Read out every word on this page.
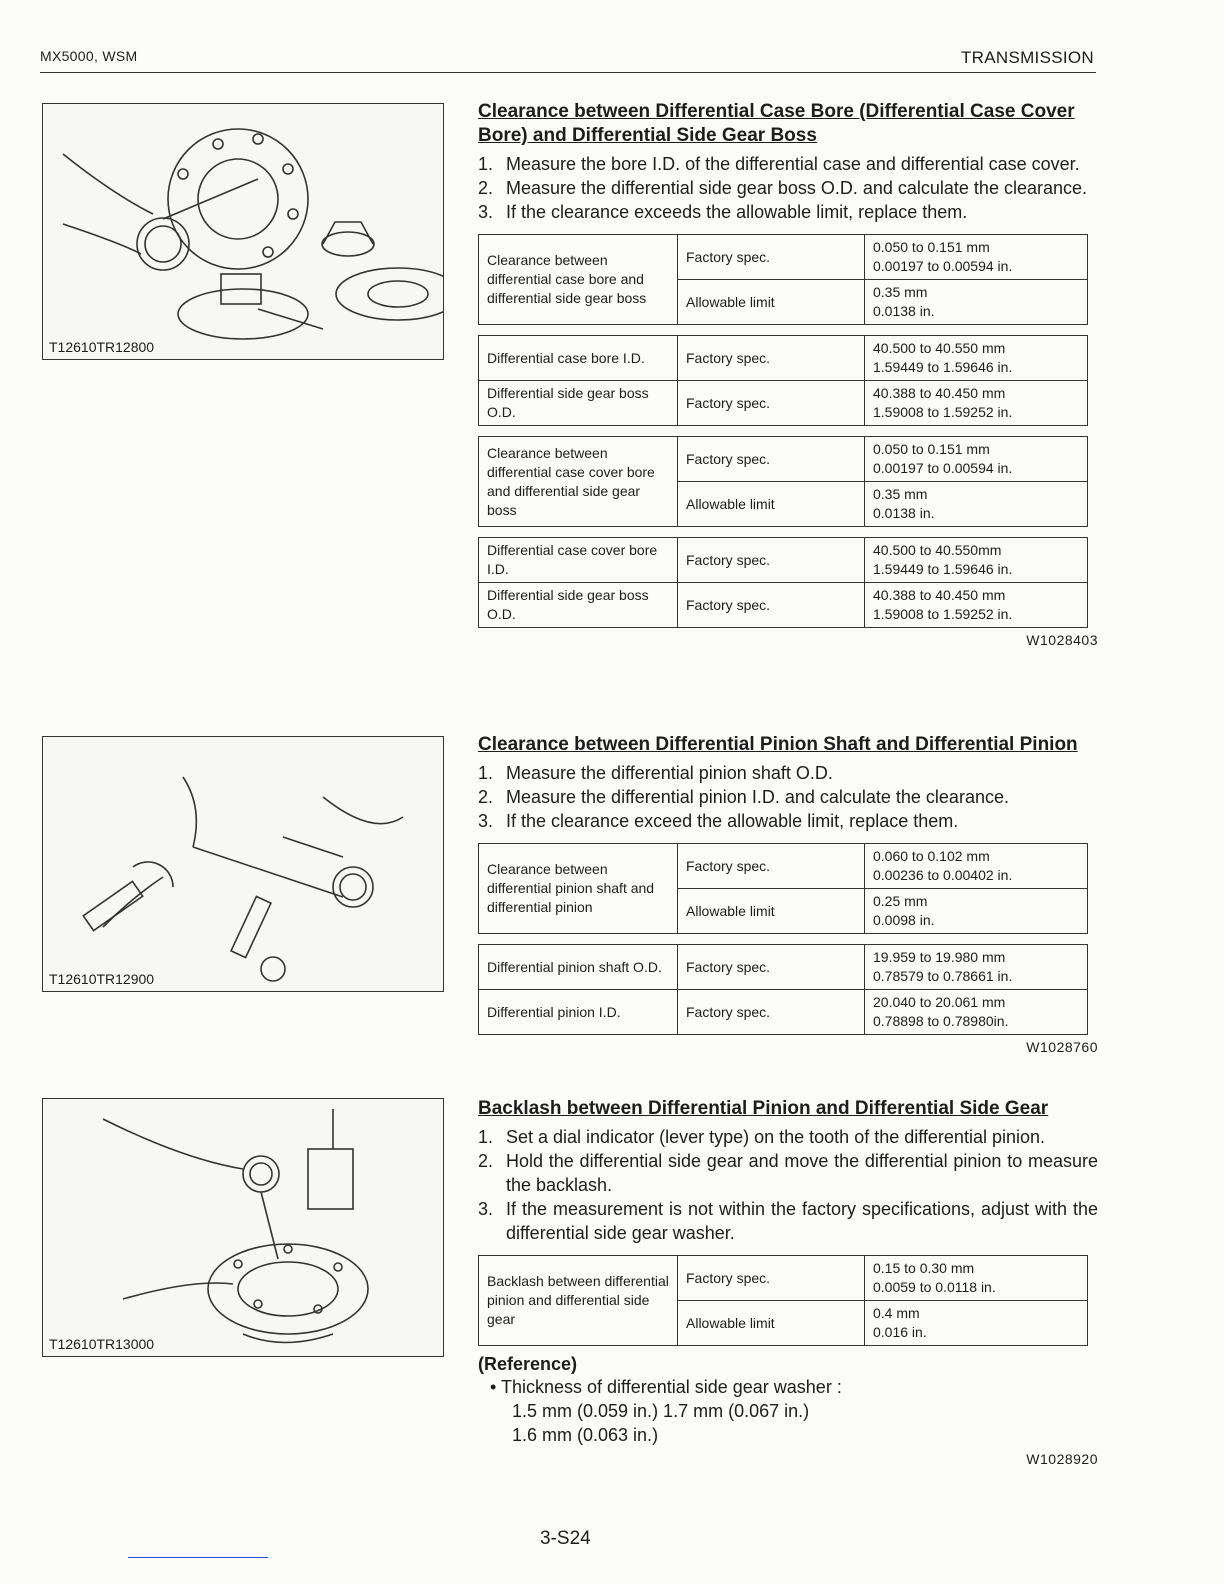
MX5000, WSM	TRANSMISSION
T12610TR12800
T12610TR12900
T12610TR13000
Clearance between Differential Case Bore (Differential Case Cover Bore) and Differential Side Gear Boss
1. Measure the bore I.D. of the differential case and differential case cover.
2. Measure the differential side gear boss O.D. and calculate the clearance.
3. If the clearance exceeds the allowable limit, replace them.
Clearance between differential case bore and differential side gear boss	Factory spec.	0.050 to 0.151 mm
0.00197 to 0.00594 in.

	Allowable limit	0.35 mm
0.0138 in.
Differential case bore I.D.	Factory spec.	40.500 to 40.550 mm
1.59449 to 1.59646 in.

Differential side gear boss O.D.	Factory spec.	40.388 to 40.450 mm
1.59008 to 1.59252 in.
Clearance between differential case cover bore and differential side gear boss	Factory spec.	0.050 to 0.151 mm
0.00197 to 0.00594 in.

	Allowable limit	0.35 mm
0.0138 in.
Differential case cover bore I.D.	Factory spec.	40.500 to 40.550mm
1.59449 to 1.59646 in.

Differential side gear boss O.D.	Factory spec.	40.388 to 40.450 mm
1.59008 to 1.59252 in.
W1028403
Clearance between Differential Pinion Shaft and Differential Pinion
1. Measure the differential pinion shaft O.D.
2. Measure the differential pinion I.D. and calculate the clearance.
3. If the clearance exceed the allowable limit, replace them.
Clearance between differential pinion shaft and differential pinion	Factory spec.	0.060 to 0.102 mm
0.00236 to 0.00402 in.

	Allowable limit	0.25 mm
0.0098 in.
Differential pinion shaft O.D.	Factory spec.	19.959 to 19.980 mm
0.78579 to 0.78661 in.

Differential pinion I.D.	Factory spec.	20.040 to 20.061 mm
0.78898 to 0.78980in.
W1028760
Backlash between Differential Pinion and Differential Side Gear
1. Set a dial indicator (lever type) on the tooth of the differential pinion.
2. Hold the differential side gear and move the differential pinion to measure the backlash.
3. If the measurement is not within the factory specifications, adjust with the differential side gear washer.
Backlash between differential pinion and differential side gear	Factory spec.	0.15 to 0.30 mm
0.0059 to 0.0118 in.

	Allowable limit	0.4 mm
0.016 in.
(Reference)
• Thickness of differential side gear washer :
1.5 mm (0.059 in.) 1.7 mm (0.067 in.)
1.6 mm (0.063 in.)
W1028920
3-S24
